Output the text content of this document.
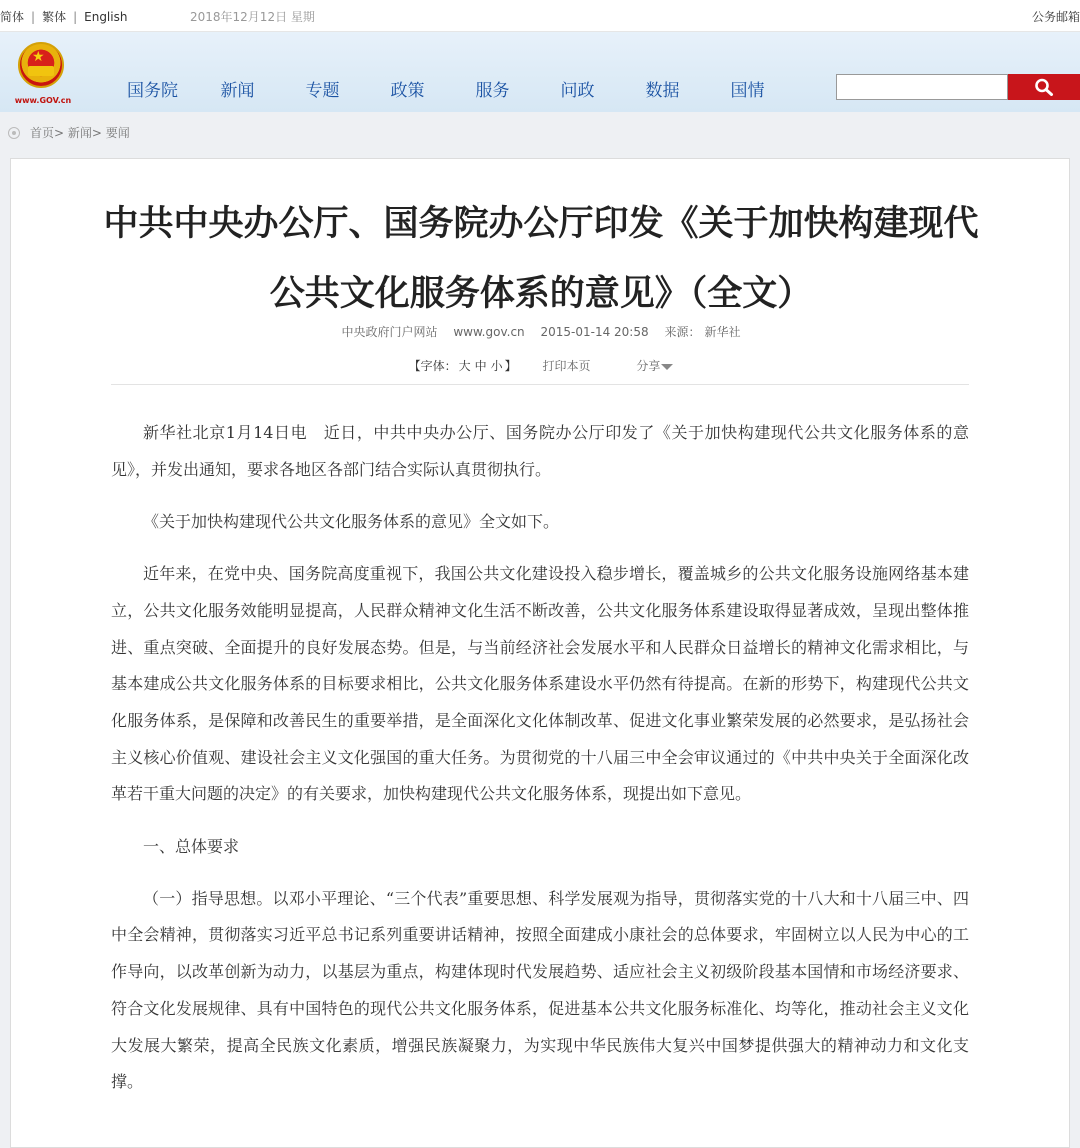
简体 | 繁体 | English	2018年12月12日 星期	公务邮箱
★
www.GOV.cn	国务院	新闻	专题	政策	服务	问政	数据	国情
首页 > 新闻 > 要闻
中共中央办公厅、国务院办公厅印发《关于加快构建现代
公共文化服务体系的意见》（全文）
中央政府门户网站 www.gov.cn 2015-01-14 20:58 来源： 新华社
【字体： 大 中 小 】 打印本页	分享

新华社北京1月14日电　近日，中共中央办公厅、国务院办公厅印发了《关于加快构建现代公共文化服务体系的意见》，并发出通知，要求各地区各部门结合实际认真贯彻执行。

《关于加快构建现代公共文化服务体系的意见》全文如下。

近年来，在党中央、国务院高度重视下，我国公共文化建设投入稳步增长，覆盖城乡的公共文化服务设施网络基本建立，公共文化服务效能明显提高，人民群众精神文化生活不断改善，公共文化服务体系建设取得显著成效，呈现出整体推进、重点突破、全面提升的良好发展态势。但是，与当前经济社会发展水平和人民群众日益增长的精神文化需求相比，与基本建成公共文化服务体系的目标要求相比，公共文化服务体系建设水平仍然有待提高。在新的形势下，构建现代公共文化服务体系，是保障和改善民生的重要举措，是全面深化文化体制改革、促进文化事业繁荣发展的必然要求，是弘扬社会主义核心价值观、建设社会主义文化强国的重大任务。为贯彻党的十八届三中全会审议通过的《中共中央关于全面深化改革若干重大问题的决定》的有关要求，加快构建现代公共文化服务体系，现提出如下意见。

一、总体要求

（一）指导思想。以邓小平理论、“三个代表”重要思想、科学发展观为指导，贯彻落实党的十八大和十八届三中、四中全会精神，贯彻落实习近平总书记系列重要讲话精神，按照全面建成小康社会的总体要求，牢固树立以人民为中心的工作导向，以改革创新为动力，以基层为重点，构建体现时代发展趋势、适应社会主义初级阶段基本国情和市场经济要求、符合文化发展规律、具有中国特色的现代公共文化服务体系，促进基本公共文化服务标准化、均等化，推动社会主义文化大发展大繁荣，提高全民族文化素质，增强民族凝聚力，为实现中华民族伟大复兴中国梦提供强大的精神动力和文化支撑。
